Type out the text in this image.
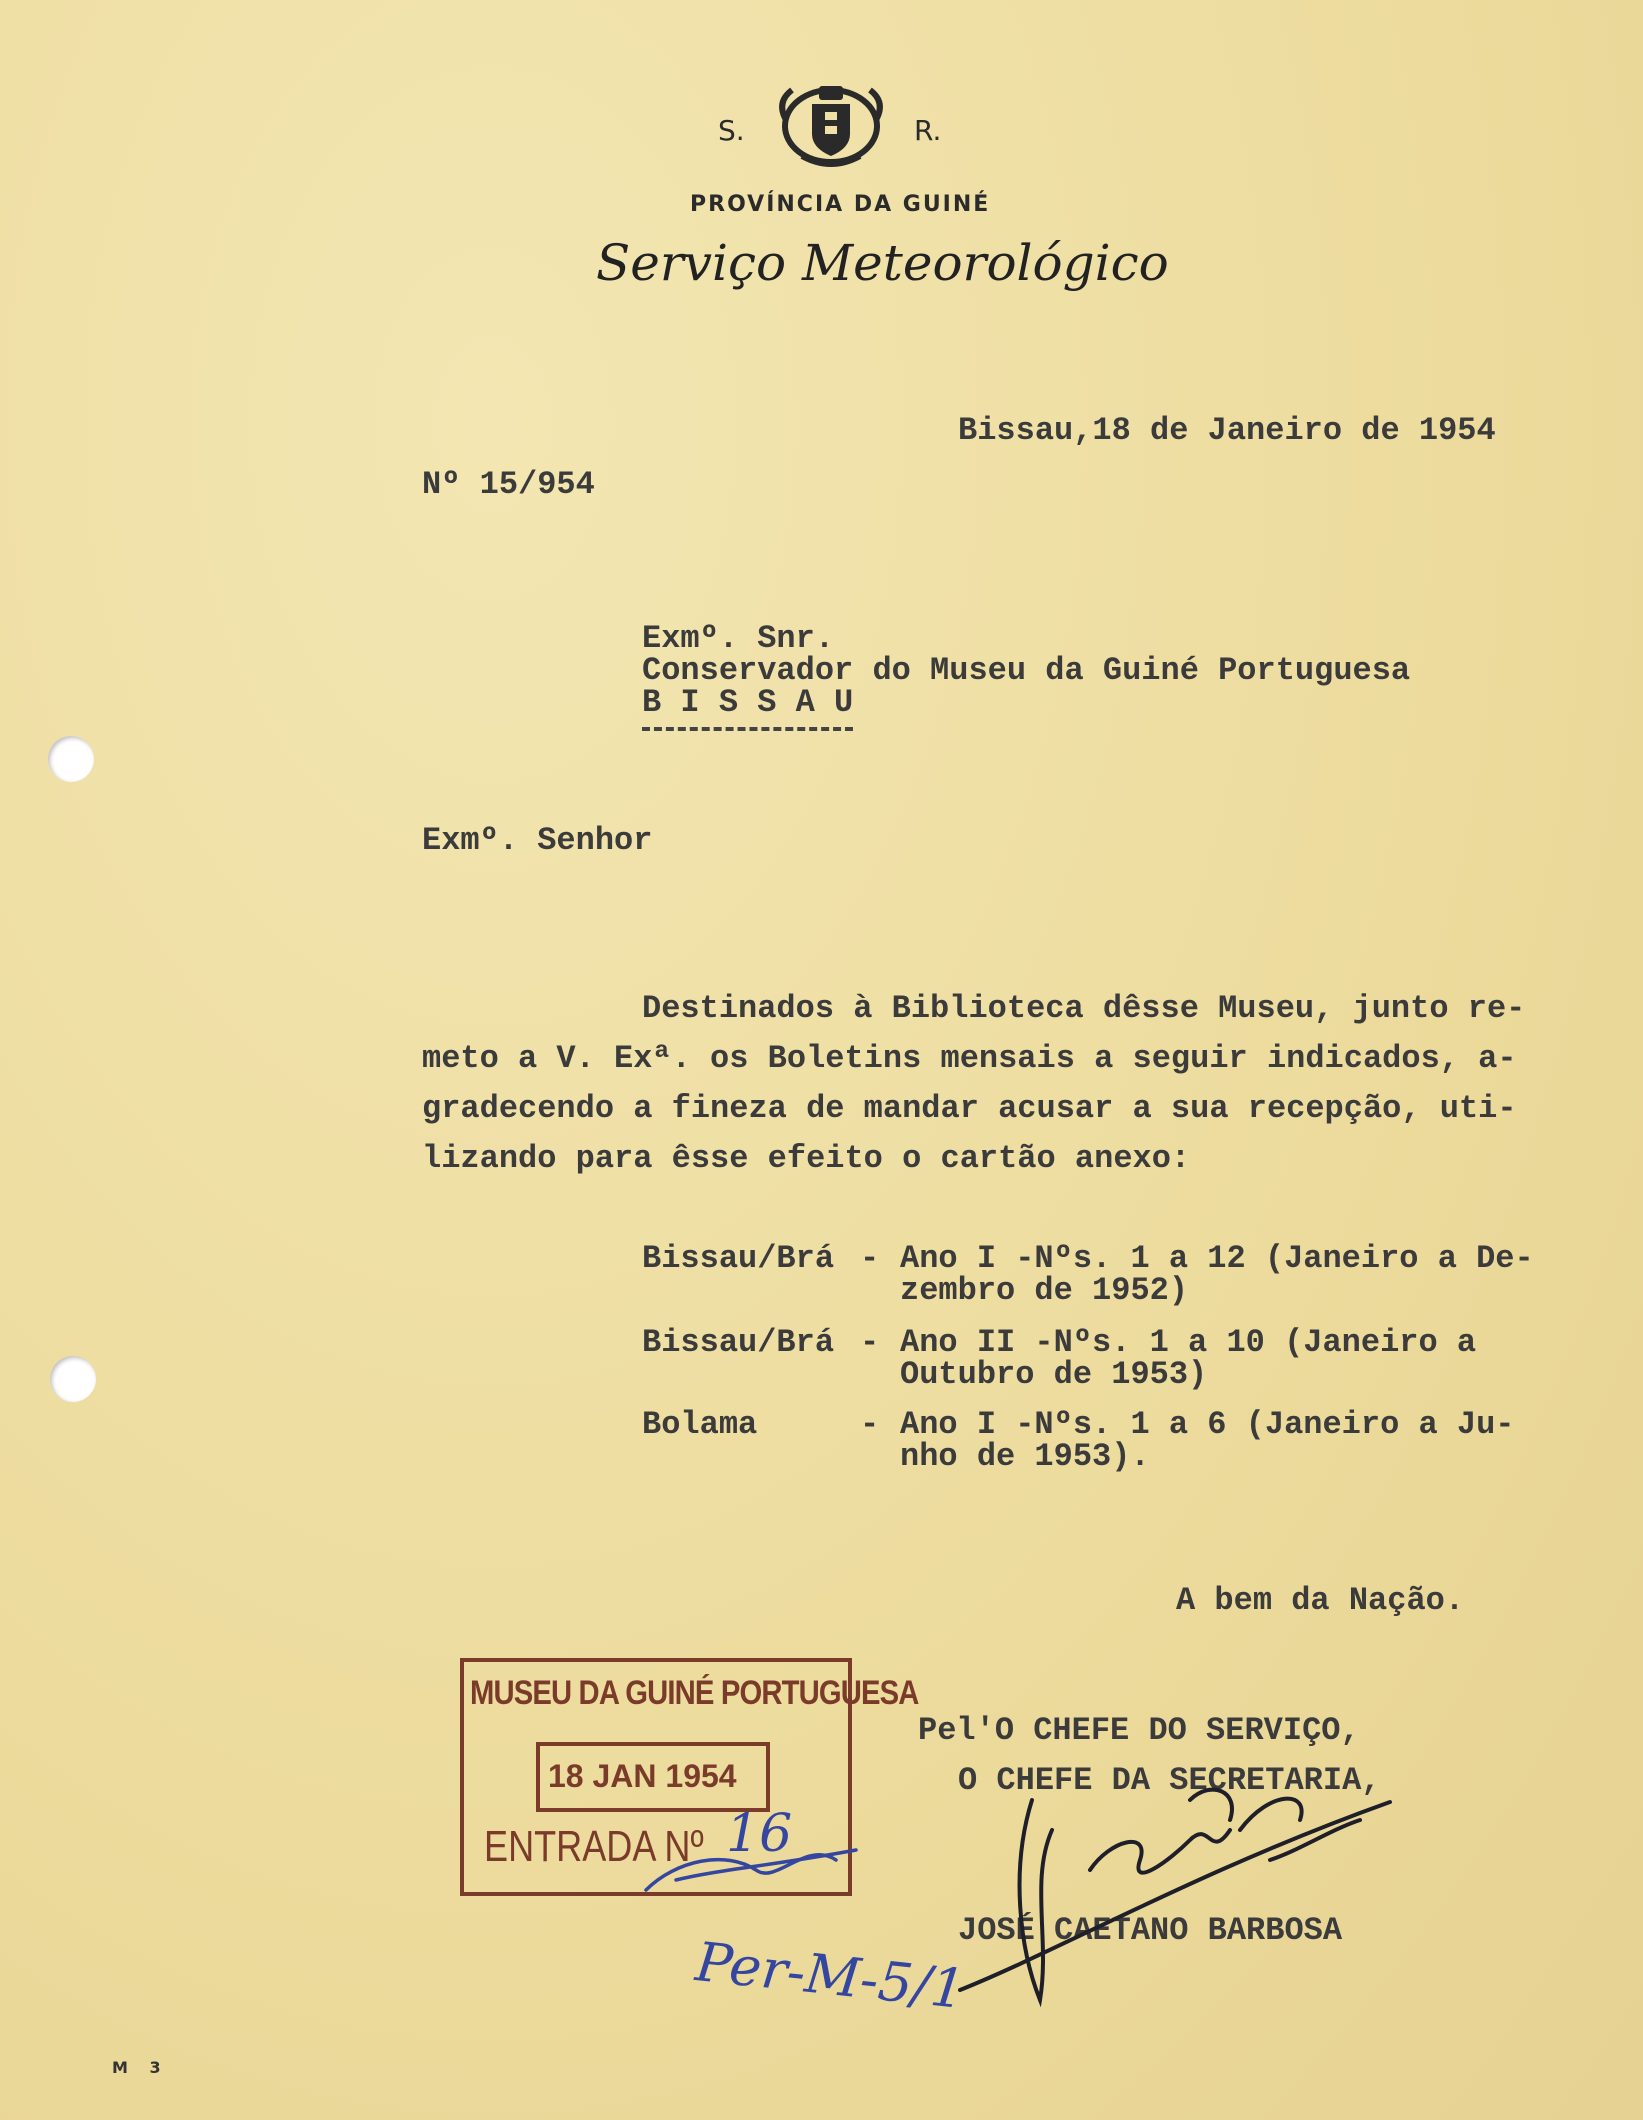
S.	R.
PROVÍNCIA DA GUINÉ
Serviço Meteorológico
Bissau,18 de Janeiro de 1954
Nº 15/954
Exmº. Snr.
Conservador do Museu da Guiné Portuguesa
B I S S A U
Exmº. Senhor
Destinados à Biblioteca dêsse Museu, junto re-
meto a V. Exª. os Boletins mensais a seguir indicados, a-
gradecendo a fineza de mandar acusar a sua recepção, uti-
lizando para êsse efeito o cartão anexo:
Bissau/Brá - Ano I -Nºs. 1 a 12 (Janeiro a De-
zembro de 1952)
Bissau/Brá - Ano II -Nºs. 1 a 10 (Janeiro a
Outubro de 1953)
Bolama	- Ano I -Nºs. 1 a 6 (Janeiro a Ju-
nho de 1953).
A bem da Nação.
MUSEU DA GUINÉ PORTUGUESA
18 JAN 1954
ENTRADA Nº 16
Pel'O CHEFE DO SERVIÇO,
O CHEFE DA SECRETARIA,
JOSÉ CAETANO BARBOSA
Per-M-5/1
M 3
